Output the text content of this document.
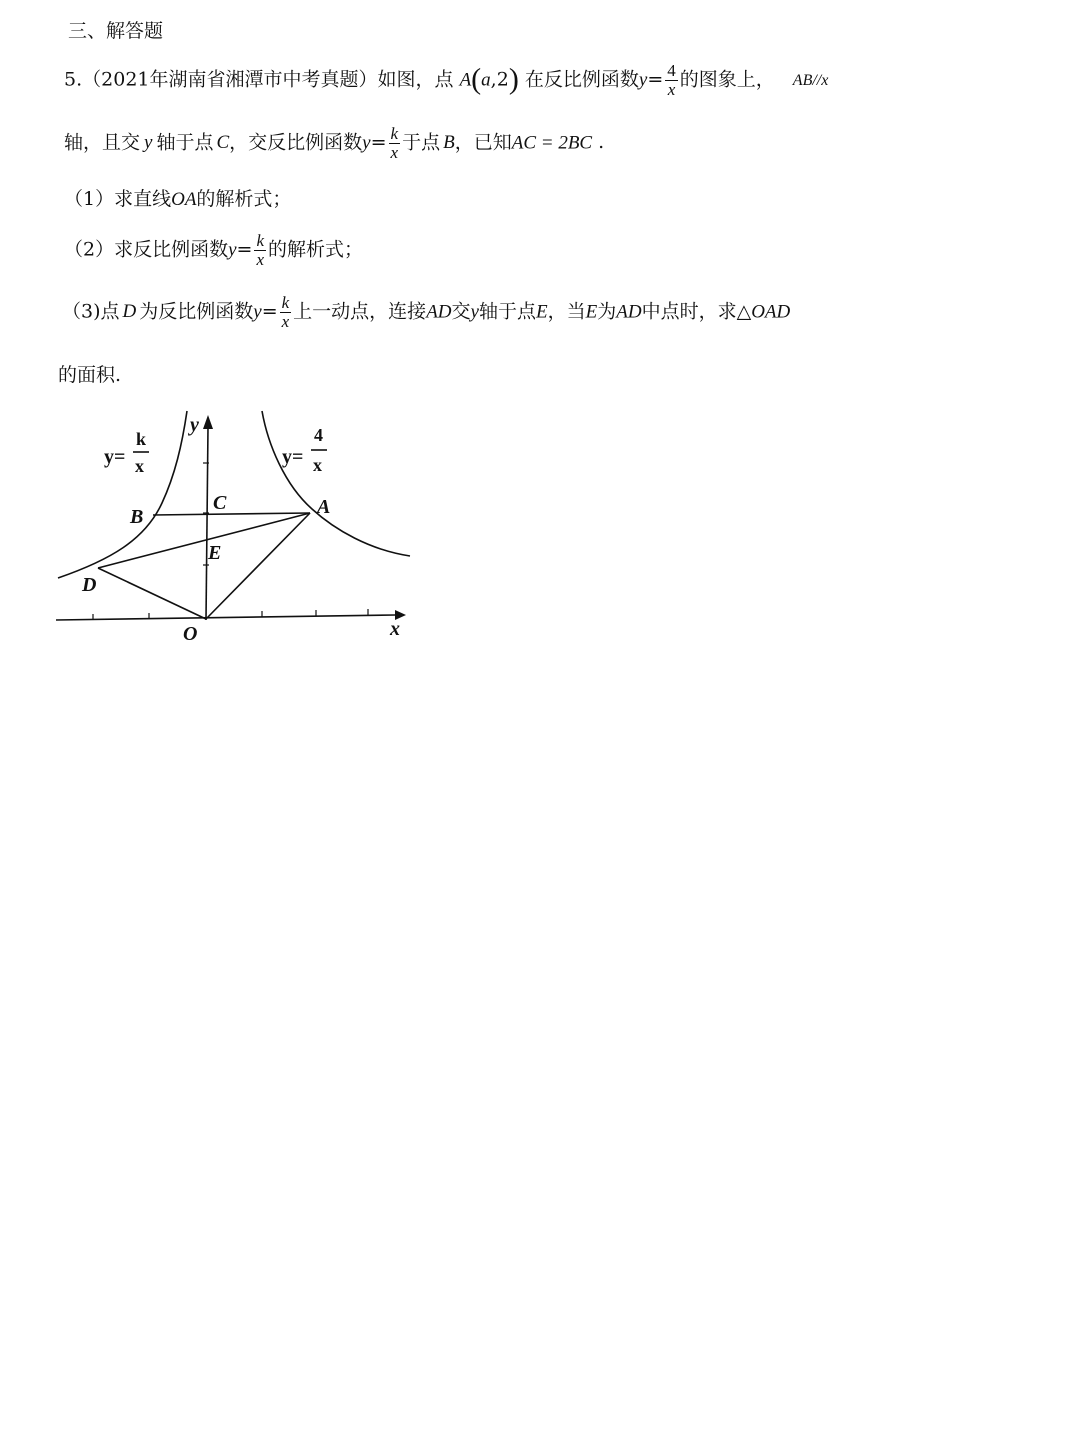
三、解答题
5.（2021年湖南省湘潭市中考真题）如图，点 A(a,2) 在反比例函数$y= \frac{4}{x}$ 的图象上， AB//x
轴，且交 y 轴于点 C，交反比例函数$y= \frac{k}{x}$ 于点 B，已知AC = 2BC .
（1）求直线OA的解析式；
（2）求反比例函数$y= \frac{k}{x}$ 的解析式；
（3)点 D 为反比例函数$y= \frac{k}{x}$ 上一动点，连接AD交y轴于点E，当E为AD中点时，求△OAD
的面积.
y
x
O
A
B
C
D
E
y=
k
x	y=
4
x
